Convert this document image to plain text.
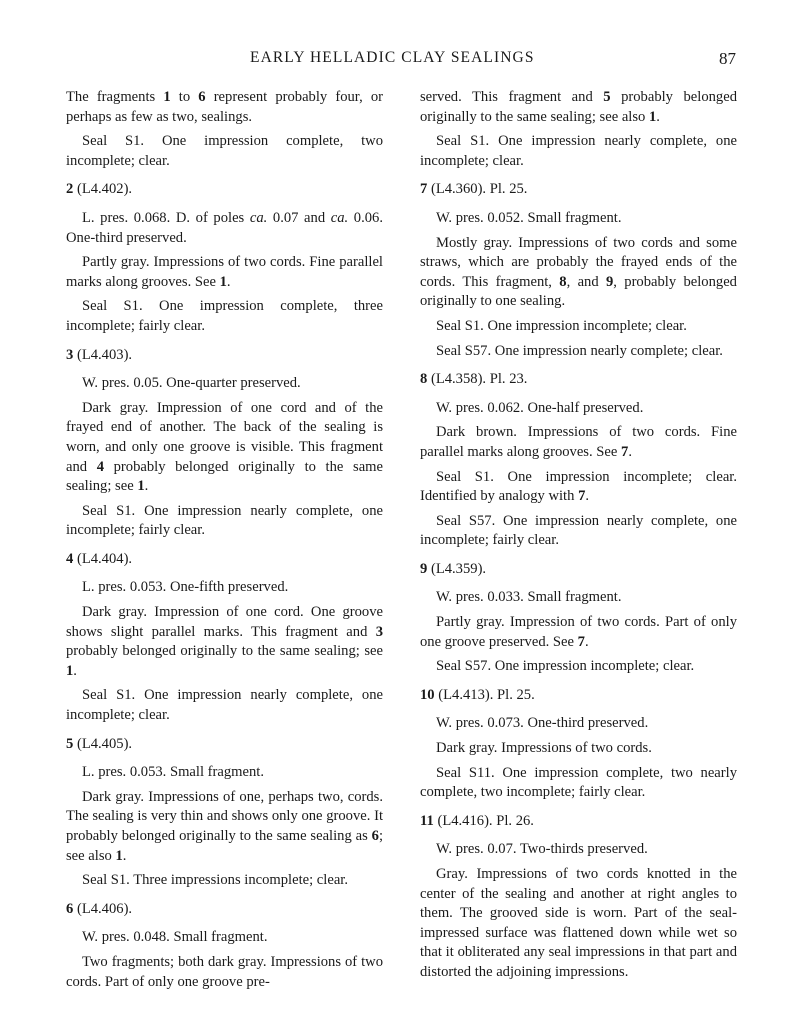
EARLY HELLADIC CLAY SEALINGS	87

The fragments 1 to 6 represent probably four, or perhaps as few as two, sealings.

Seal S1. One impression complete, two incomplete; clear.

2 (L4.402).

L. pres. 0.068. D. of poles ca. 0.07 and ca. 0.06. One-third preserved.

Partly gray. Impressions of two cords. Fine parallel marks along grooves. See 1.

Seal S1. One impression complete, three incomplete; fairly clear.

3 (L4.403).

W. pres. 0.05. One-quarter preserved.

Dark gray. Impression of one cord and of the frayed end of another. The back of the sealing is worn, and only one groove is visible. This fragment and 4 probably belonged originally to the same sealing; see 1.

Seal S1. One impression nearly complete, one incomplete; fairly clear.

4 (L4.404).

L. pres. 0.053. One-fifth preserved.

Dark gray. Impression of one cord. One groove shows slight parallel marks. This fragment and 3 probably belonged originally to the same sealing; see 1.

Seal S1. One impression nearly complete, one incomplete; clear.

5 (L4.405).

L. pres. 0.053. Small fragment.

Dark gray. Impressions of one, perhaps two, cords. The sealing is very thin and shows only one groove. It probably belonged originally to the same sealing as 6; see also 1.

Seal S1. Three impressions incomplete; clear.

6 (L4.406).

W. pres. 0.048. Small fragment.

Two fragments; both dark gray. Impressions of two cords. Part of only one groove pre-

served. This fragment and 5 probably belonged originally to the same sealing; see also 1.

Seal S1. One impression nearly complete, one incomplete; clear.

7 (L4.360). Pl. 25.

W. pres. 0.052. Small fragment.

Mostly gray. Impressions of two cords and some straws, which are probably the frayed ends of the cords. This fragment, 8, and 9, probably belonged originally to one sealing.

Seal S1. One impression incomplete; clear.

Seal S57. One impression nearly complete; clear.

8 (L4.358). Pl. 23.

W. pres. 0.062. One-half preserved.

Dark brown. Impressions of two cords. Fine parallel marks along grooves. See 7.

Seal S1. One impression incomplete; clear. Identified by analogy with 7.

Seal S57. One impression nearly complete, one incomplete; fairly clear.

9 (L4.359).

W. pres. 0.033. Small fragment.

Partly gray. Impression of two cords. Part of only one groove preserved. See 7.

Seal S57. One impression incomplete; clear.

10 (L4.413). Pl. 25.

W. pres. 0.073. One-third preserved.

Dark gray. Impressions of two cords.

Seal S11. One impression complete, two nearly complete, two incomplete; fairly clear.

11 (L4.416). Pl. 26.

W. pres. 0.07. Two-thirds preserved.

Gray. Impressions of two cords knotted in the center of the sealing and another at right angles to them. The grooved side is worn. Part of the seal-impressed surface was flattened down while wet so that it obliterated any seal impressions in that part and distorted the adjoining impressions.
